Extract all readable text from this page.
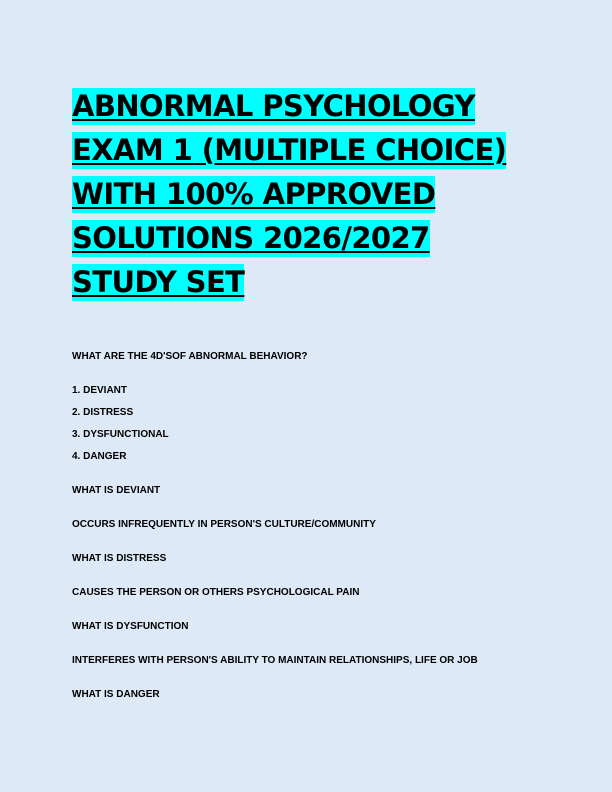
ABNORMAL PSYCHOLOGY EXAM 1 (MULTIPLE CHOICE) WITH 100% APPROVED SOLUTIONS 2026/2027 STUDY SET

WHAT ARE THE 4D'SOF ABNORMAL BEHAVIOR?

1. DEVIANT

2. DISTRESS

3. DYSFUNCTIONAL

4. DANGER

WHAT IS DEVIANT

OCCURS INFREQUENTLY IN PERSON'S CULTURE/COMMUNITY

WHAT IS DISTRESS

CAUSES THE PERSON OR OTHERS PSYCHOLOGICAL PAIN

WHAT IS DYSFUNCTION

INTERFERES WITH PERSON'S ABILITY TO MAINTAIN RELATIONSHIPS, LIFE OR JOB

WHAT IS DANGER
